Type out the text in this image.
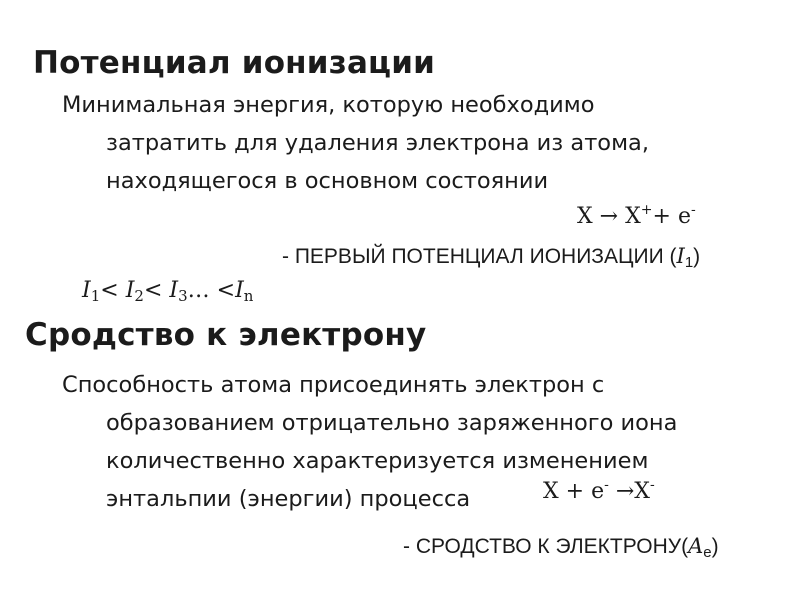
Потенциал ионизации
Минимальная энергия, которую необходимо
затратить для удаления электрона из атома,
находящегося в основном состоянии
X → X++ e-
- ПЕРВЫЙ ПОТЕНЦИАЛ ИОНИЗАЦИИ $(I_1)$
$I_1< I_2<$ $I_3\dots <I_n$
Сродство к электрону
Способность атома присоединять электрон с
образованием отрицательно заряженного иона
количественно характеризуется изменением
энтальпии (энергии) процесса	X + e- →X-
- СРОДСТВО К $ЭЛЕКТРОНУ(A_e)$
